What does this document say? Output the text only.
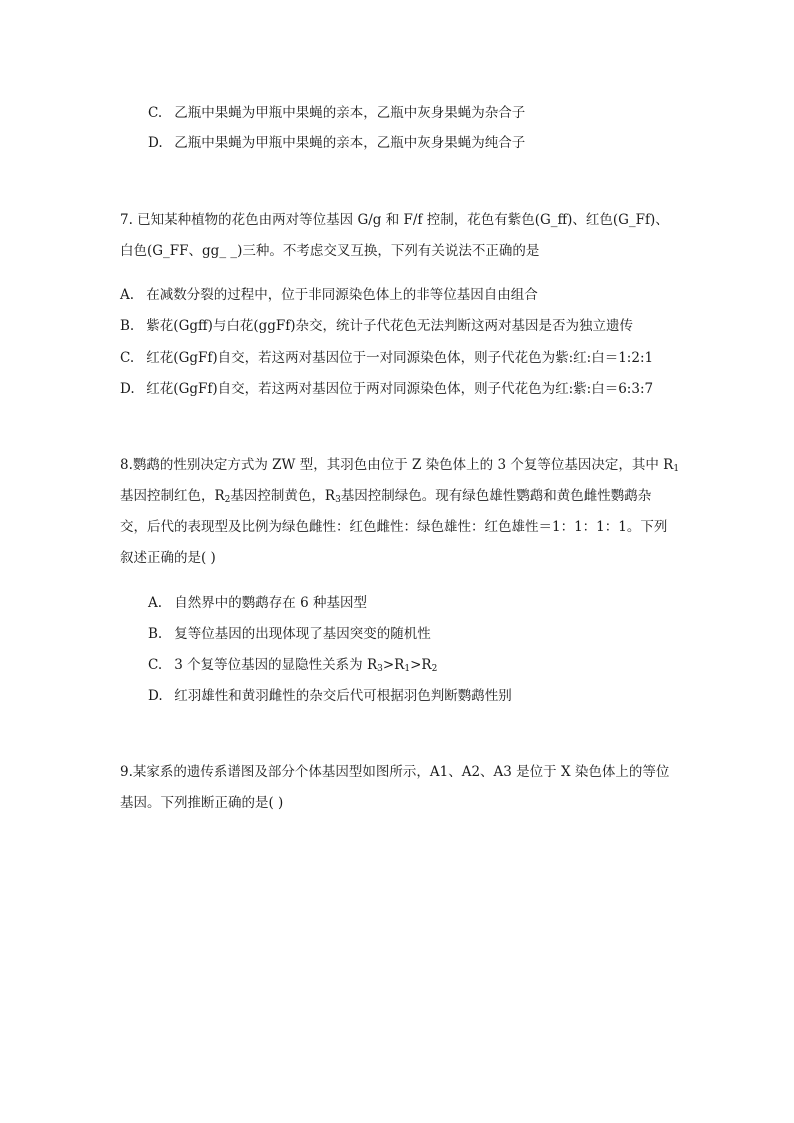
C. 乙瓶中果蝇为甲瓶中果蝇的亲本，乙瓶中灰身果蝇为杂合子
D. 乙瓶中果蝇为甲瓶中果蝇的亲本，乙瓶中灰身果蝇为纯合子
7. 已知某种植物的花色由两对等位基因 G/g 和 F/f 控制，花色有紫色(G_ff)、红色(G_Ff)、
白色(G_FF、gg_ _)三种。不考虑交叉互换，下列有关说法不正确的是
A. 在减数分裂的过程中，位于非同源染色体上的非等位基因自由组合
B. 紫花(Ggff)与白花(ggFf)杂交，统计子代花色无法判断这两对基因是否为独立遗传
C. 红花(GgFf)自交，若这两对基因位于一对同源染色体，则子代花色为紫:红:白＝1:2:1
D. 红花(GgFf)自交，若这两对基因位于两对同源染色体，则子代花色为红:紫:白＝6:3:7
8.鹦鹉的性别决定方式为 ZW 型，其羽色由位于 Z 染色体上的 3 个复等位基因决定，其中 $R_1$
基因控制红色，$R_2$基因控制黄色，$R_3$基因控制绿色。现有绿色雄性鹦鹉和黄色雌性鹦鹉杂
交，后代的表现型及比例为绿色雌性：红色雌性：绿色雄性：红色雄性＝1：1：1：1。下列
叙述正确的是( )
A. 自然界中的鹦鹉存在 6 种基因型
B. 复等位基因的出现体现了基因突变的随机性
C. 3 个复等位基因的显隐性关系为 $R_3>R_1>R_2$
D. 红羽雄性和黄羽雌性的杂交后代可根据羽色判断鹦鹉性别
9.某家系的遗传系谱图及部分个体基因型如图所示，A1、A2、A3 是位于 X 染色体上的等位
基因。下列推断正确的是( )
